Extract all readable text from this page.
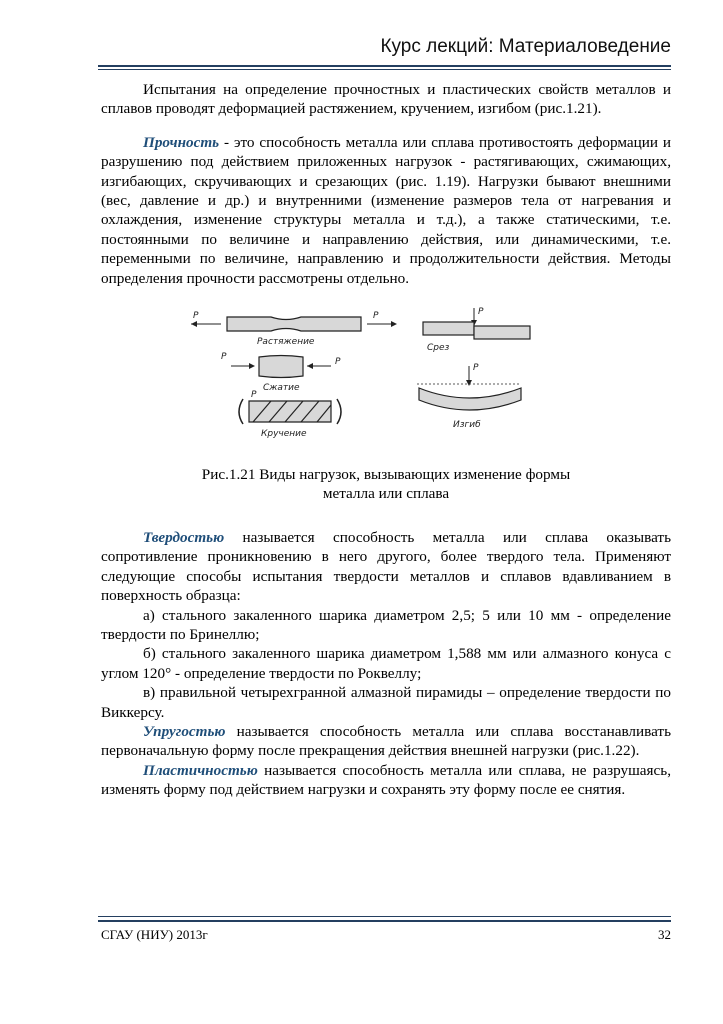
Курс лекций: Материаловедение

Испытания на определение прочностных и пластических свойств металлов и сплавов проводят деформацией растяжением, кручением, изгибом (рис.1.21).

Прочность - это способность металла или сплава противостоять деформации и разрушению под действием приложенных нагрузок - растягивающих, сжимающих, изгибающих, скручивающих и срезающих (рис. 1.19). Нагрузки бывают внешними (вес, давление и др.) и внутренними (изменение размеров тела от нагревания и охлаждения, изменение структуры металла и т.д.), а также статическими, т.е. постоянными по величине и направлению действия, или динамическими, т.е. переменными по величине, направлению и продолжительности действия. Методы определения прочности рассмотрены отдельно.

P	P
Растяжение
P	P
Сжатие
P
Кручение
P
Срез
P
Изгиб
Рис.1.21 Виды нагрузок, вызывающих изменение формы
металла или сплава

Твердостью называется способность металла или сплава оказывать сопротивление проникновению в него другого, более твердого тела. Применяют следующие способы испытания твердости металлов и сплавов вдавливанием в поверхность образца:

а) стального закаленного шарика диаметром 2,5; 5 или 10 мм - определение твердости по Бринеллю;

б) стального закаленного шарика диаметром 1,588 мм или алмазного конуса с углом 120° - определение твердости по Роквеллу;

в) правильной четырехгранной алмазной пирамиды – определение твердости по Виккерсу.

Упругостью называется способность металла или сплава восстанавливать первоначальную форму после прекращения действия внешней нагрузки (рис.1.22).

Пластичностью называется способность металла или сплава, не разрушаясь, изменять форму под действием нагрузки и сохранять эту форму после ее снятия.

СГАУ (НИУ) 2013г	32
